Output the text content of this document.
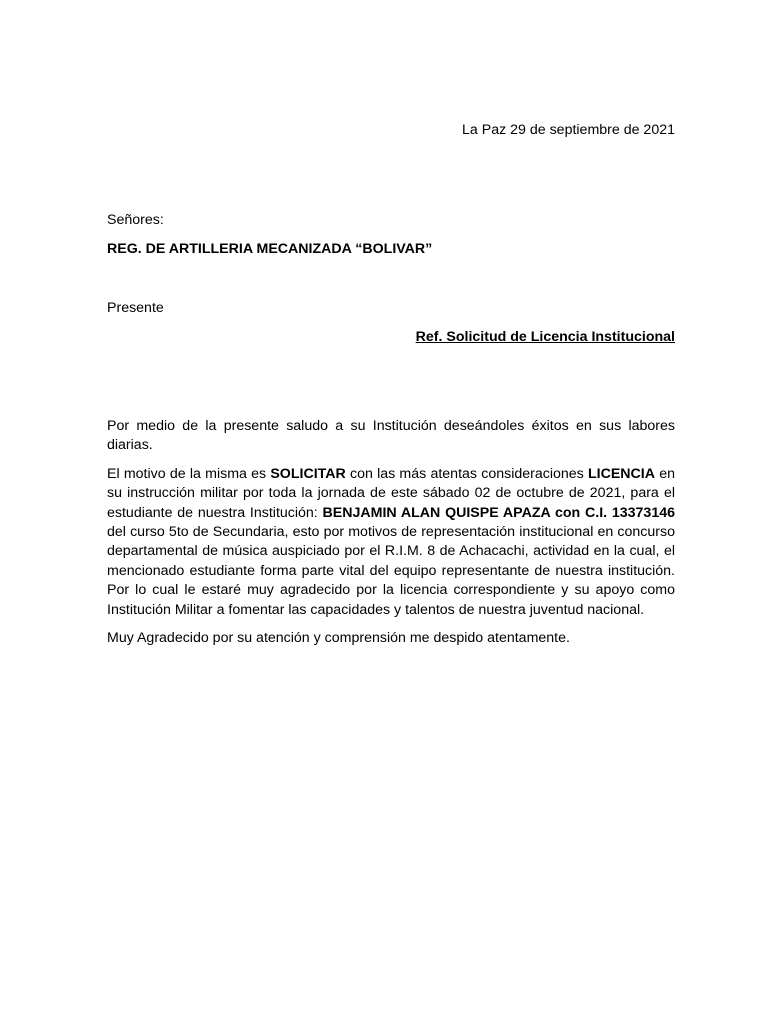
La Paz 29 de septiembre de 2021
Señores:
REG. DE ARTILLERIA MECANIZADA “BOLIVAR”
Presente
Ref. Solicitud de Licencia Institucional

Por medio de la presente saludo a su Institución deseándoles éxitos en sus labores diarias.

El motivo de la misma es SOLICITAR con las más atentas consideraciones LICENCIA en su instrucción militar por toda la jornada de este sábado 02 de octubre de 2021, para el estudiante de nuestra Institución: BENJAMIN ALAN QUISPE APAZA con C.I. 13373146 del curso 5to de Secundaria, esto por motivos de representación institucional en concurso departamental de música auspiciado por el R.I.M. 8 de Achacachi, actividad en la cual, el mencionado estudiante forma parte vital del equipo representante de nuestra institución. Por lo cual le estaré muy agradecido por la licencia correspondiente y su apoyo como Institución Militar a fomentar las capacidades y talentos de nuestra juventud nacional.

Muy Agradecido por su atención y comprensión me despido atentamente.
